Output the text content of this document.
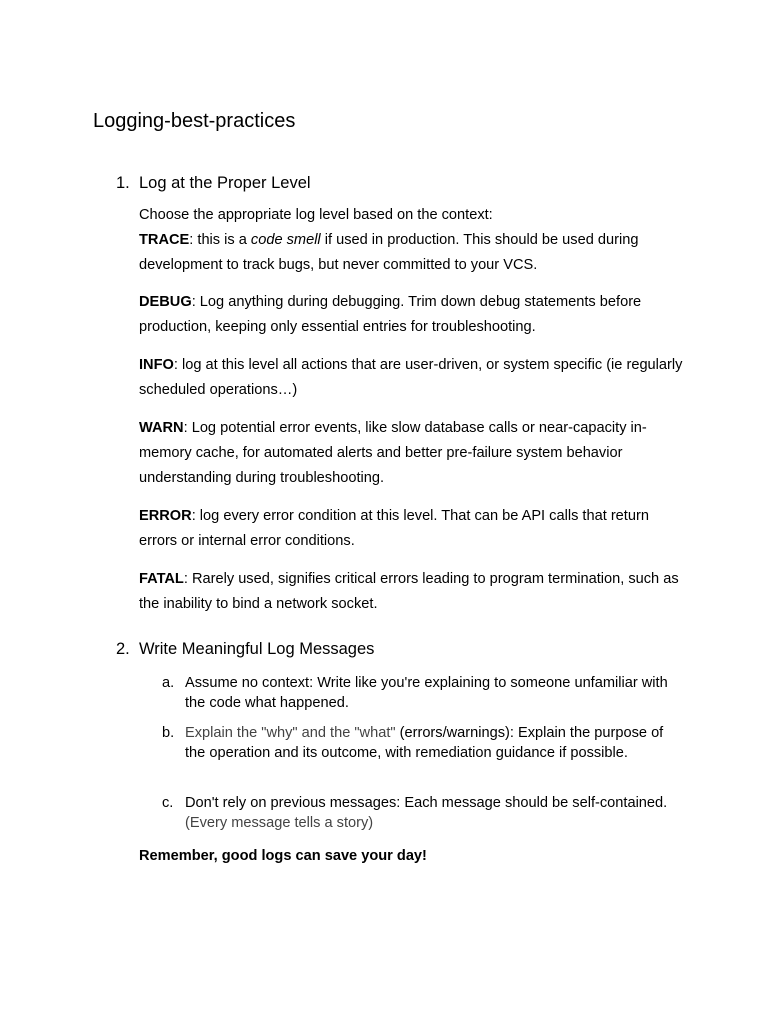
Logging-best-practices
1. Log at the Proper Level

Choose the appropriate log level based on the context:
TRACE: this is a code smell if used in production. This should be used during development to track bugs, but never committed to your VCS.

DEBUG: Log anything during debugging. Trim down debug statements before production, keeping only essential entries for troubleshooting.

INFO: log at this level all actions that are user-driven, or system specific (ie regularly scheduled operations…)

WARN: Log potential error events, like slow database calls or near-capacity in-memory cache, for automated alerts and better pre-failure system behavior understanding during troubleshooting.

ERROR: log every error condition at this level. That can be API calls that return errors or internal error conditions.

FATAL: Rarely used, signifies critical errors leading to program termination, such as the inability to bind a network socket.

2. Write Meaningful Log Messages
a. Assume no context: Write like you're explaining to someone unfamiliar with the code what happened.
b. Explain the "why" and the "what" (errors/warnings): Explain the purpose of the operation and its outcome, with remediation guidance if possible.
c. Don't rely on previous messages: Each message should be self-contained.(Every message tells a story)

Remember, good logs can save your day!
